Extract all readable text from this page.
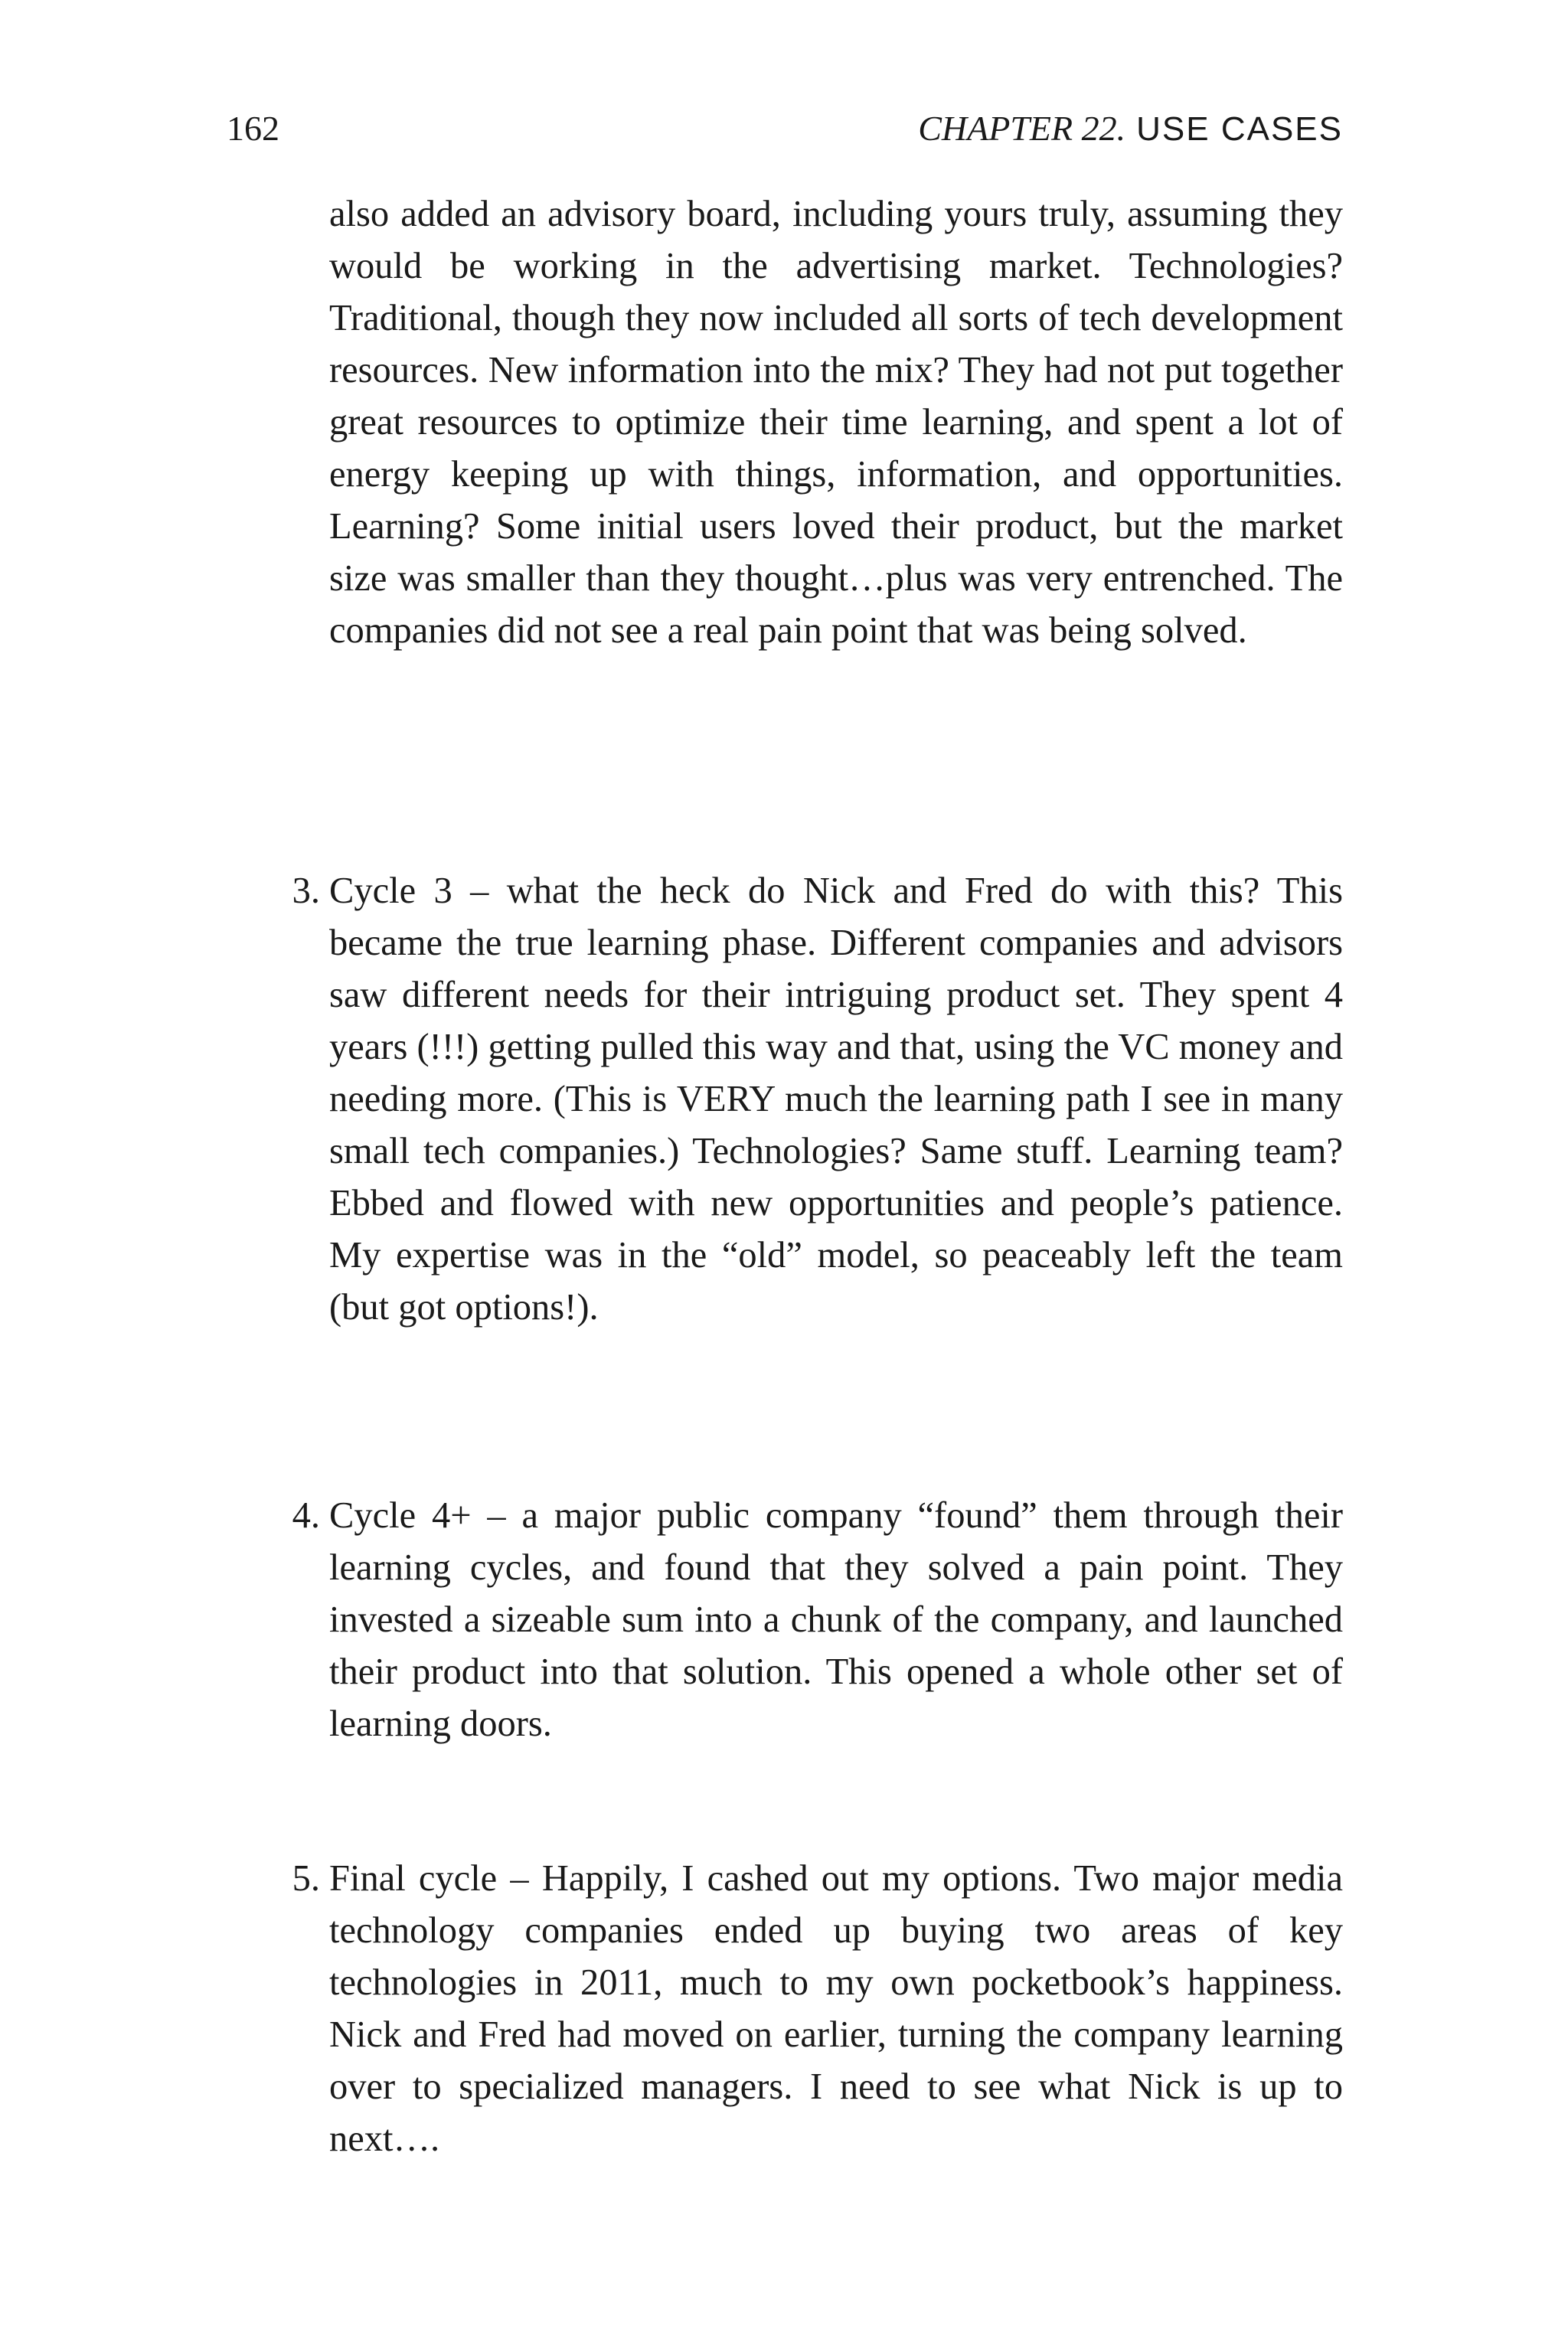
162	CHAPTER 22. USE CASES

also added an advisory board, including yours truly, assuming they would be working in the advertising market. Technologies? Traditional, though they now included all sorts of tech development resources. New information into the mix? They had not put together great resources to optimize their time learning, and spent a lot of energy keeping up with things, information, and opportunities. Learning? Some initial users loved their product, but the market size was smaller than they thought…plus was very entrenched. The companies did not see a real pain point that was being solved.

3. Cycle 3 – what the heck do Nick and Fred do with this? This became the true learning phase. Different companies and advisors saw different needs for their intriguing product set. They spent 4 years (!!!) getting pulled this way and that, using the VC money and needing more. (This is VERY much the learning path I see in many small tech companies.) Technologies? Same stuff. Learning team? Ebbed and flowed with new opportunities and people’s patience. My expertise was in the “old” model, so peaceably left the team (but got options!).
4. Cycle 4+ – a major public company “found” them through their learning cycles, and found that they solved a pain point. They invested a sizeable sum into a chunk of the company, and launched their product into that solution. This opened a whole other set of learning doors.
5. Final cycle – Happily, I cashed out my options. Two major media technology companies ended up buying two areas of key technologies in 2011, much to my own pocketbook’s happiness. Nick and Fred had moved on earlier, turning the company learning over to specialized managers. I need to see what Nick is up to next….
